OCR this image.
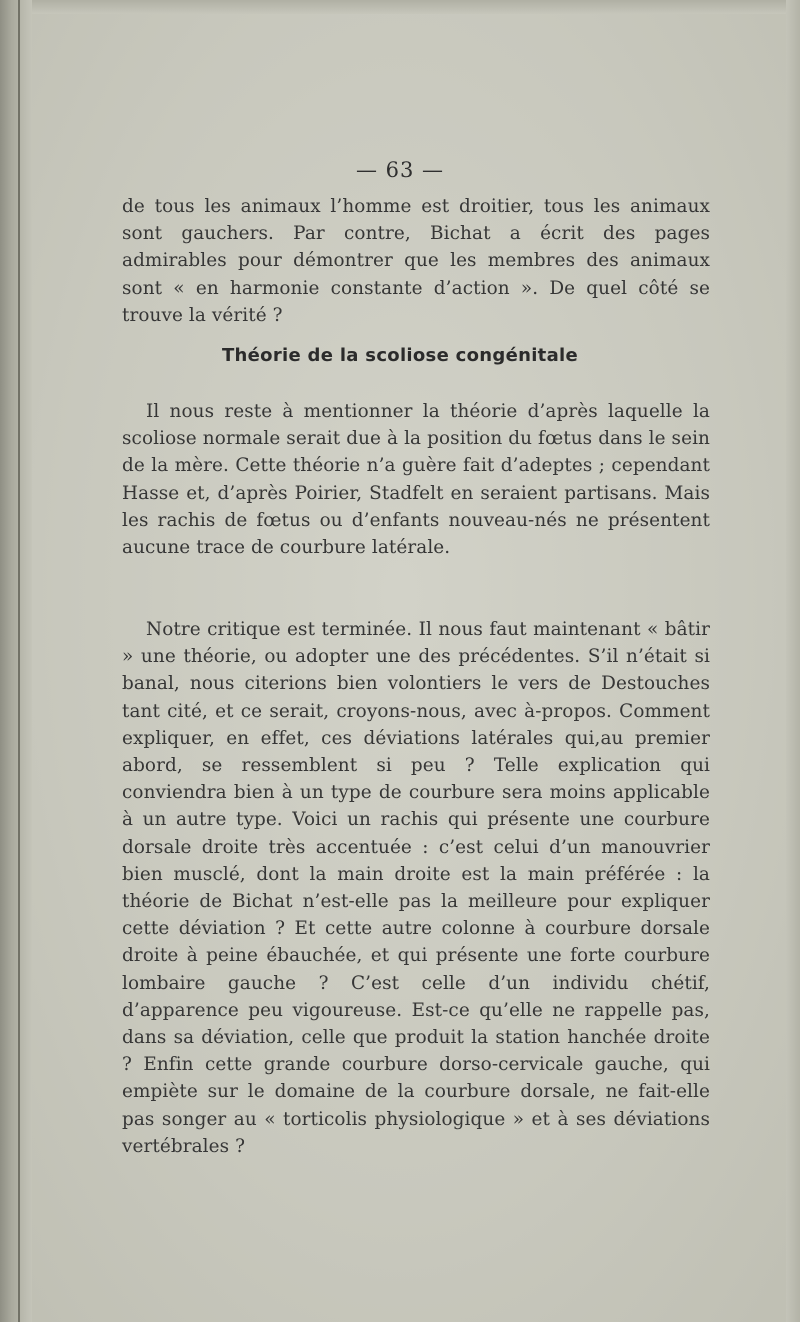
— 63 —

de tous les animaux l’homme est droitier, tous les animaux sont gauchers. Par contre, Bichat a écrit des pages admirables pour démontrer que les membres des animaux sont « en harmonie constante d’action ». De quel côté se trouve la vérité ?

Théorie de la scoliose congénitale

Il nous reste à mentionner la théorie d’après laquelle la scoliose normale serait due à la position du fœtus dans le sein de la mère. Cette théorie n’a guère fait d’adeptes ; cependant Hasse et, d’après Poirier, Stadfelt en seraient partisans. Mais les rachis de fœtus ou d’enfants nouveau-nés ne présentent aucune trace de courbure latérale.

Notre critique est terminée. Il nous faut maintenant « bâtir » une théorie, ou adopter une des précédentes. S’il n’était si banal, nous citerions bien volontiers le vers de Destouches tant cité, et ce serait, croyons-nous, avec à-propos. Comment expliquer, en effet, ces déviations latérales qui,au premier abord, se ressemblent si peu ? Telle explication qui conviendra bien à un type de courbure sera moins applicable à un autre type. Voici un rachis qui présente une courbure dorsale droite très accentuée : c’est celui d’un manouvrier bien musclé, dont la main droite est la main préférée : la théorie de Bichat n’est-elle pas la meilleure pour expliquer cette déviation ? Et cette autre colonne à courbure dorsale droite à peine ébauchée, et qui présente une forte courbure lombaire gauche ? C’est celle d’un individu chétif, d’apparence peu vigoureuse. Est-ce qu’elle ne rappelle pas, dans sa déviation, celle que produit la station hanchée droite ? Enfin cette grande courbure dorso-cervicale gauche, qui empiète sur le domaine de la courbure dorsale, ne fait-elle pas songer au « torticolis physiologique » et à ses déviations vertébrales ?
